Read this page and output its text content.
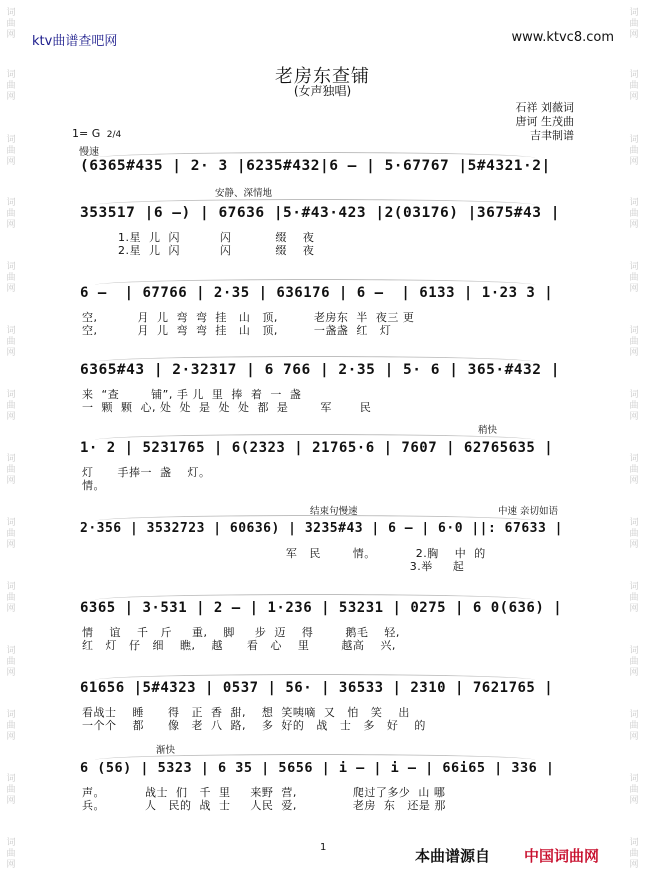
词
曲
网
词
曲
网
词
曲
网
词
曲
网
词
曲
网
词
曲
网
词
曲
网
词
曲
网
词
曲
网
词
曲
网
词
曲
网
词
曲
网
词
曲
网
词
曲
网
词
曲
网
词
曲
网
词
曲
网
词
曲
网
词
曲
网
词
曲
网
词
曲
网
词
曲
网
词
曲
网
词
曲
网
词
曲
网
词
曲
网
词
曲
网
词
曲
网
ktv曲谱查吧网	www.ktvc8.com
老房东查铺
(女声独唱)
石祥 刘薇词
唐诃 生茂曲
吉聿制谱
1= G 2/4
慢速
(6365#435 | 2· 3 |6235#432|6 — | 5·67767 |5#4321·2|
353517 |6 —) | 67636 |5·#43·423 |2(03176) |3675#43 |
1.星  儿  闪          闪           缀    夜
2.星  儿  闪          闪           缀    夜
安静、深情地
6 —  | 67766 | 2·35 | 636176 | 6 —  | 6133 | 1·23 3 |
空,          月  儿  弯  弯  挂   山   顶,         老房东  半  夜三 更
空,          月  儿  弯  弯  挂   山   顶,         一盏盏  红   灯
6365#43 | 2·32317 | 6 766 | 2·35 | 5· 6 | 365·#432 |
来  “查        铺”, 手 儿  里  捧  着  一  盏
一  颗  颗  心, 处  处  是  处  处  都  是        军       民
1· 2 | 5231765 | 6(2323 | 21765·6 | 7607 | 62765635 |
灯      手捧一  盏    灯。
情。
稍快
2·356 | 3532723 | 60636) | 3235#43 | 6 — | 6·0 ||: 67633 |
军   民        情。          2.胸    中  的
3.举     起
结束句慢速	中速 亲切如语
6365 | 3·531 | 2 — | 1·236 | 53231 | 0275 | 6 0(636) |
情    谊    千   斤     重,    脚     步  迈    得        鹅毛    轻,
红   灯   仔   细    瞧,    越      看   心    里        越高    兴,
61656 |5#4323 | 0537 | 56· | 36533 | 2310 | 7621765 |
看战士    睡      得   正  香  甜,    想  笑咦嘀  又   怕   笑    出
一个个    都      像   老  八  路,    多  好的   战   士   多   好    的
6 (56) | 5323 | 6 35 | 5656 | i — | i — | 66i65 | 336 |
声。          战士  们   千  里     来野  营,              爬过了多少  山 哪
兵。          人   民的  战  士     人民  爱,              老房  东   还是 那
渐快
1	本曲谱源自 中国词曲网
